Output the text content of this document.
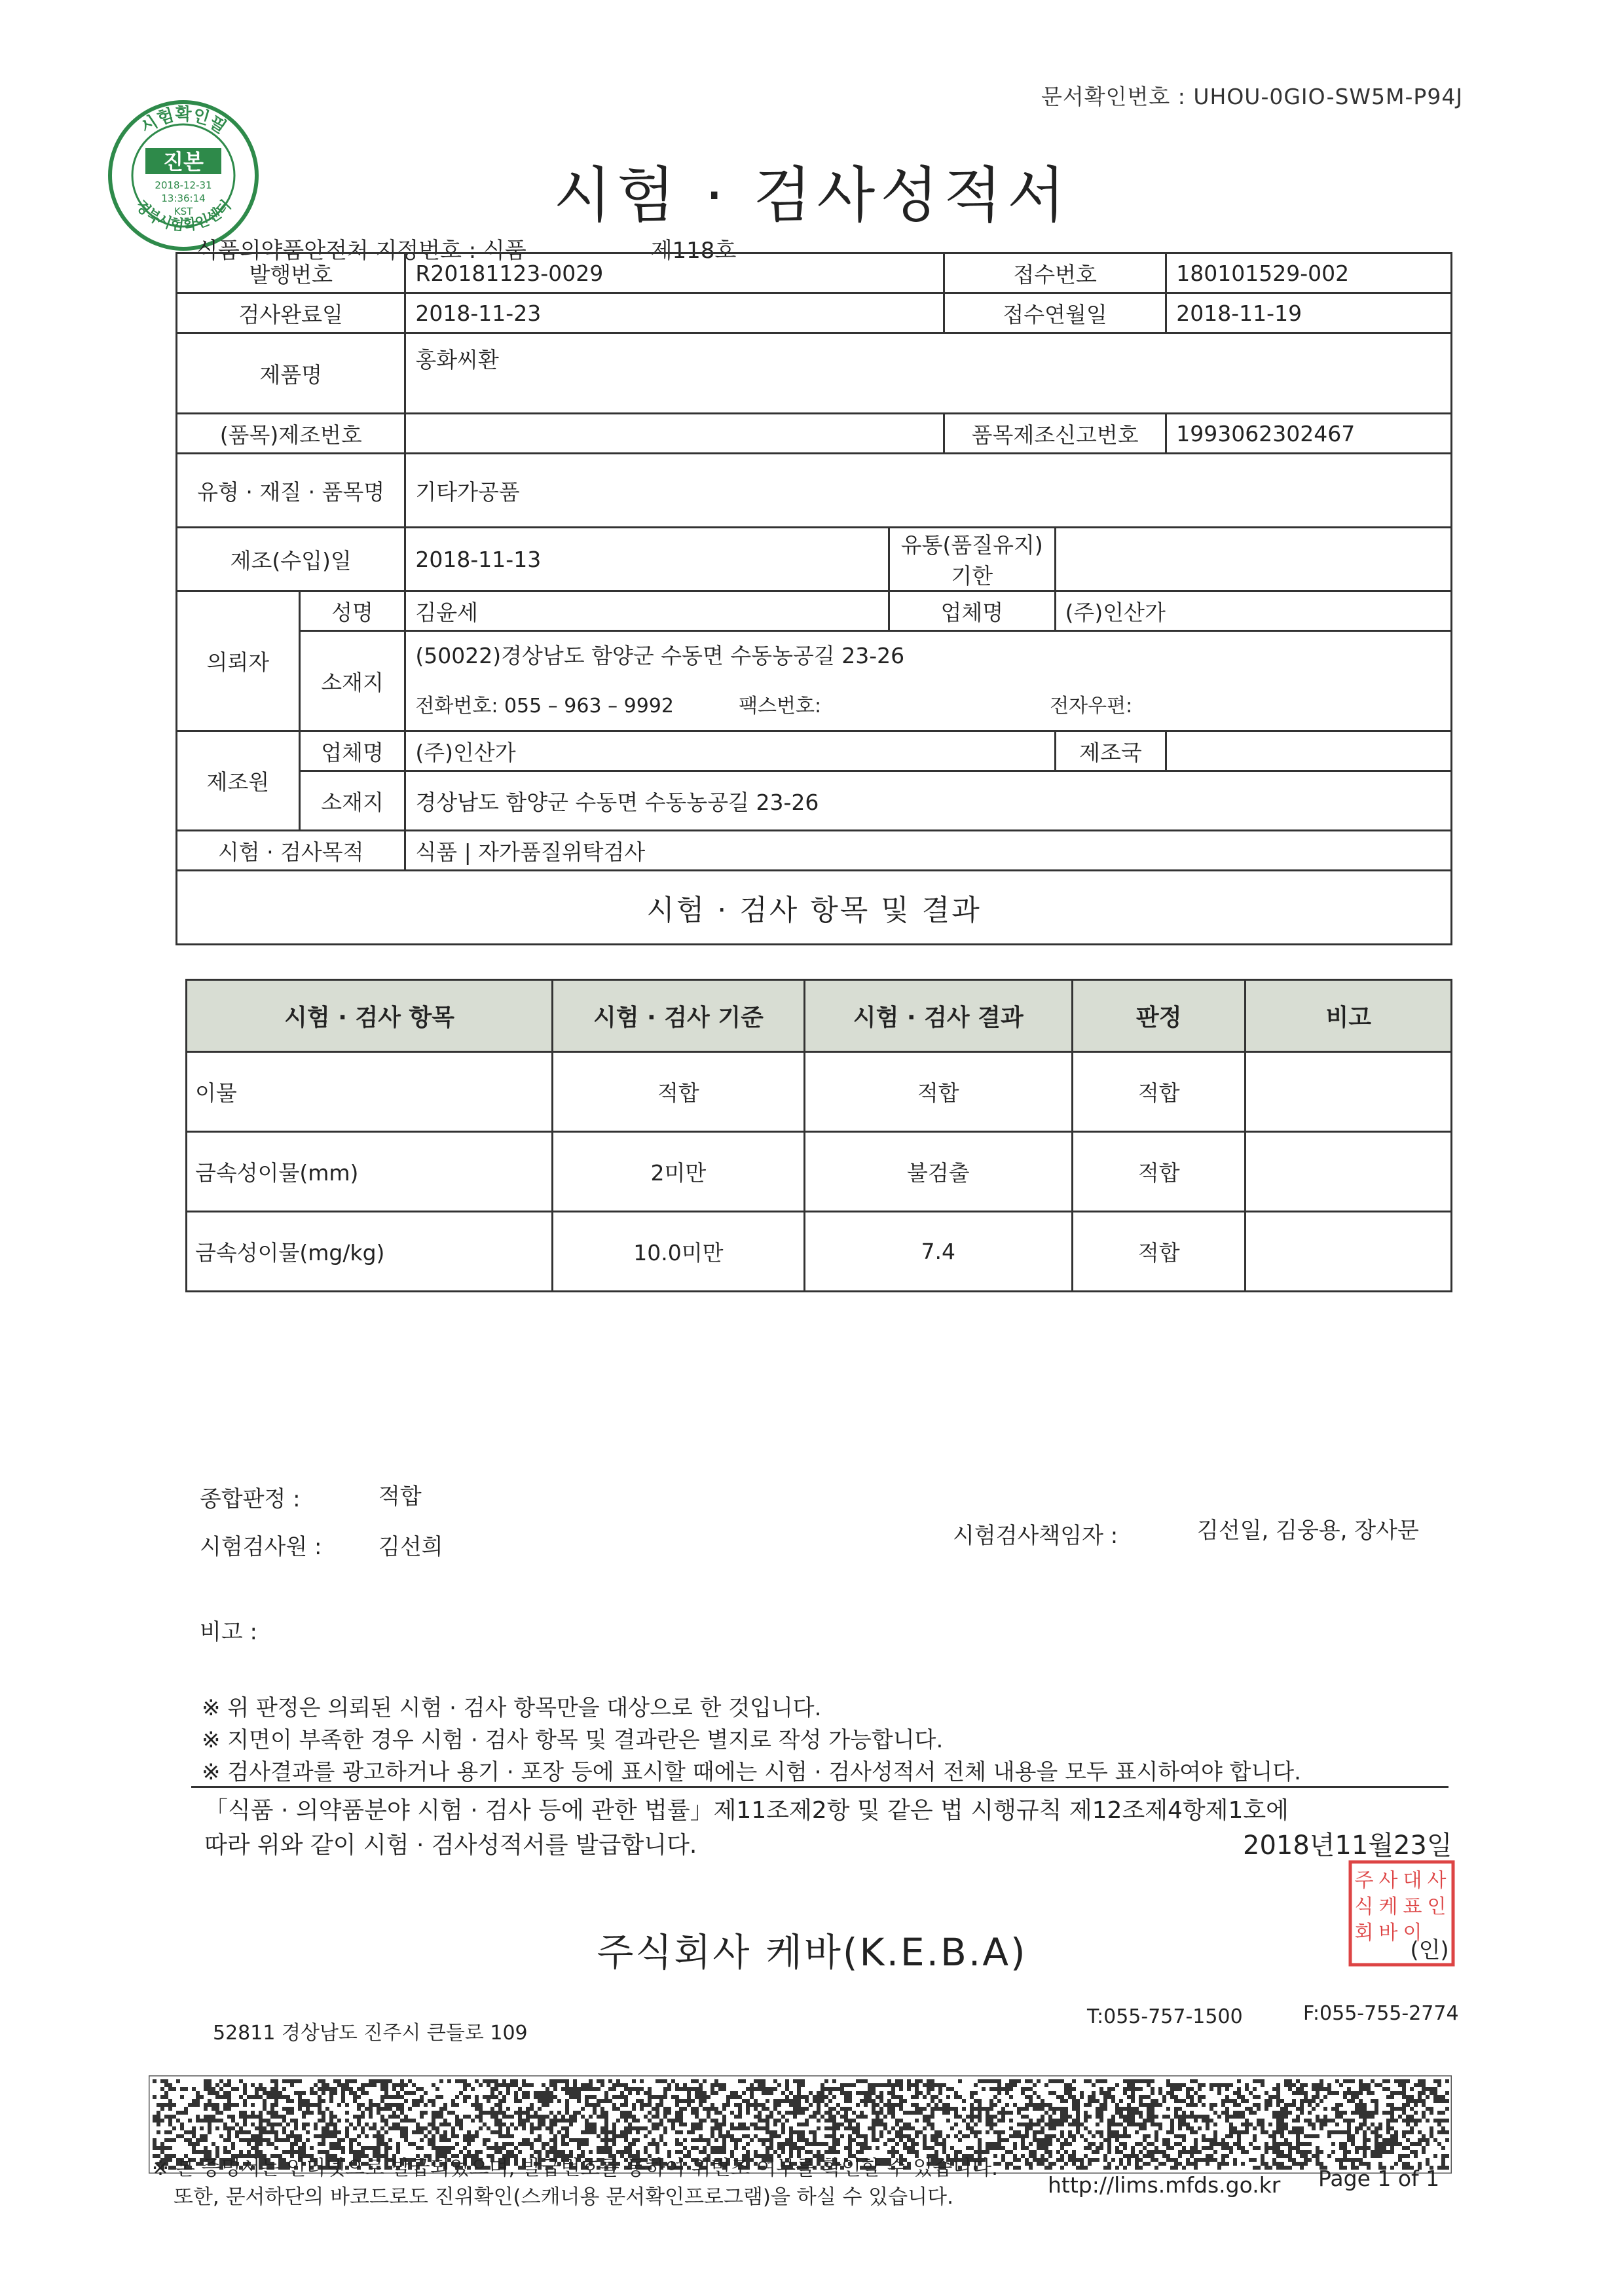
문서확인번호 : UHOU-0GIO-SW5M-P94J
시험확인필
경북시험확인센터
진본
2018-12-31
13:36:14
KST	시험 · 검사성적서
식품의약품안전처 지정번호 : 식품	제118호
발행번호		R20181123-0029		접수번호		180101529-002
검사완료일		2018-11-23		접수연월일		2018-11-19
제품명		홍화씨환				
(품목)제조번호				품목제조신고번호		1993062302467
유형 · 재질 · 품목명		기타가공품				
제조(수입)일		2018-11-13	유통(품질유지)기한			
의뢰자	성명	김윤세	업체명		(주)인산가	
	소재지	(50022)경상남도 함양군 수동면 수동농공길 23-26				
		전화번호: 055 – 963 – 9992 팩스번호: 전자우편:				
제조원	업체명	(주)인산가			제조국	
	소재지	경상남도 함양군 수동면 수동농공길 23-26				
시험 · 검사목적		식품 | 자가품질위탁검사				
시험 · 검사 항목 및 결과						
시험 · 검사 항목	시험 · 검사 기준	시험 · 검사 결과	판정	비고
이물	적합	적합	적합	
금속성이물(mm)	2미만	불검출	적합	
금속성이물(mg/kg)	10.0미만	7.4	적합	
종합판정 :	적합
시험검사원 :	김선희	시험검사책임자 :	김선일, 김웅용, 장사문
비고 :
※ 위 판정은 의뢰된 시험 · 검사 항목만을 대상으로 한 것입니다.
※ 지면이 부족한 경우 시험 · 검사 항목 및 결과란은 별지로 작성 가능합니다.
※ 검사결과를 광고하거나 용기 · 포장 등에 표시할 때에는 시험 · 검사성적서 전체 내용을 모두 표시하여야 합니다.
「식품 · 의약품분야 시험 · 검사 등에 관한 법률」제11조제2항 및 같은 법 시행규칙 제12조제4항제1호에
따라 위와 같이 시험 · 검사성적서를 발급합니다.	2018년11월23일
주식회사 케바(K.E.B.A)
주
식
회
사
케
바
대
표
이
사
인
(인)
52811 경상남도 진주시 큰들로 109
T:055-757-1500	F:055-755-2774
※ 본 증명서는 인터넷으로 발급되었으며, 발급번호를 통하여 위변조 여부를 확인할 수 있습니다.
또한, 문서하단의 바코드로도 진위확인(스캐너용 문서확인프로그램)을 하실 수 있습니다.	http://lims.mfds.go.kr Page 1 of 1
